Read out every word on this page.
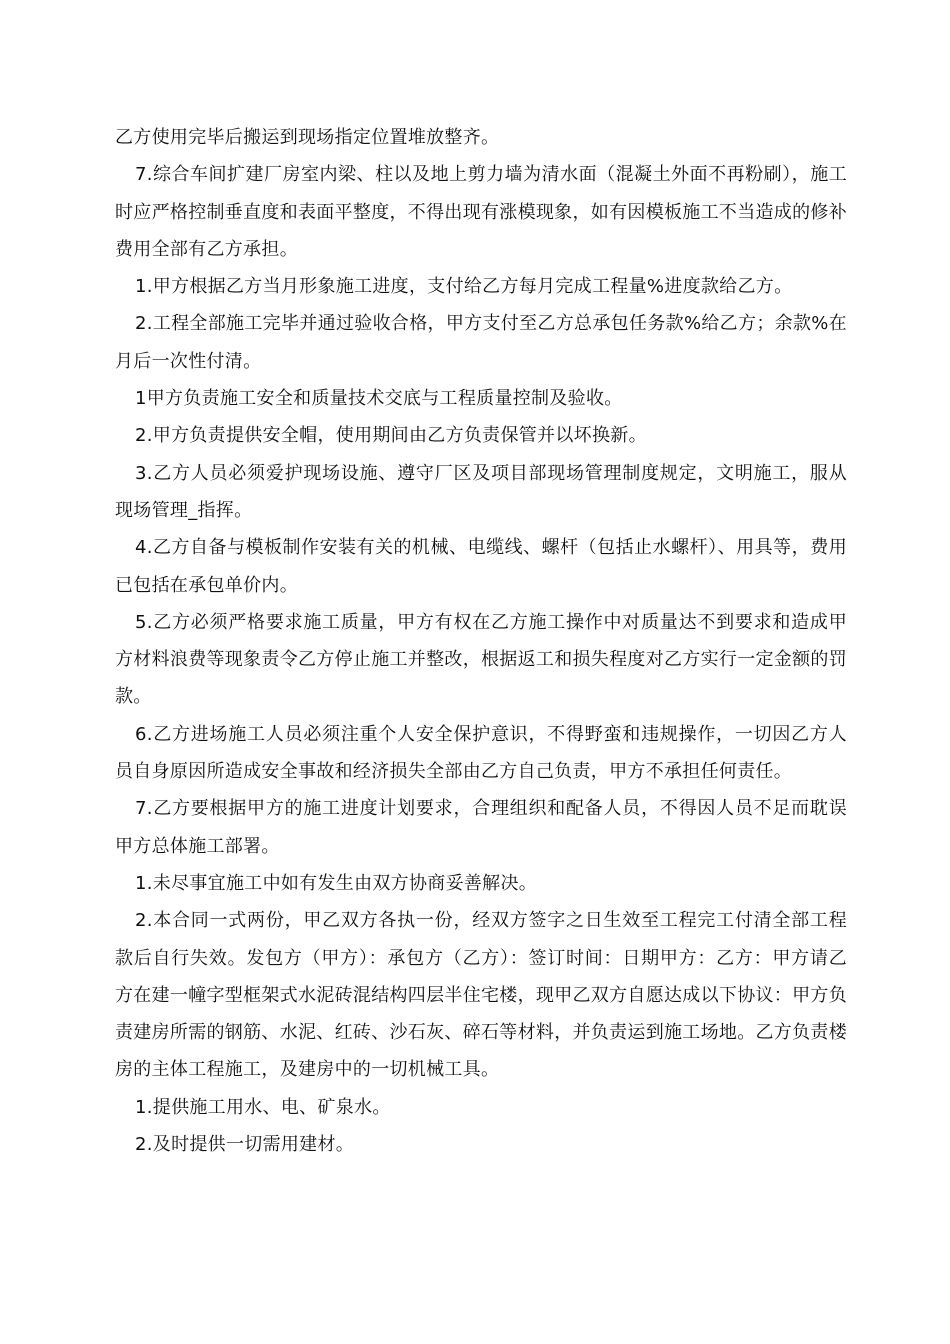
乙方使用完毕后搬运到现场指定位置堆放整齐。

7.综合车间扩建厂房室内梁、柱以及地上剪力墙为清水面（混凝土外面不再粉刷），施工时应严格控制垂直度和表面平整度，不得出现有涨模现象，如有因模板施工不当造成的修补费用全部有乙方承担。

1.甲方根据乙方当月形象施工进度，支付给乙方每月完成工程量%进度款给乙方。

2.工程全部施工完毕并通过验收合格，甲方支付至乙方总承包任务款%给乙方；余款%在月后一次性付清。

1甲方负责施工安全和质量技术交底与工程质量控制及验收。

2.甲方负责提供安全帽，使用期间由乙方负责保管并以坏换新。

3.乙方人员必须爱护现场设施、遵守厂区及项目部现场管理制度规定，文明施工，服从现场管理_指挥。

4.乙方自备与模板制作安装有关的机械、电缆线、螺杆（包括止水螺杆）、用具等，费用已包括在承包单价内。

5.乙方必须严格要求施工质量，甲方有权在乙方施工操作中对质量达不到要求和造成甲方材料浪费等现象责令乙方停止施工并整改，根据返工和损失程度对乙方实行一定金额的罚款。

6.乙方进场施工人员必须注重个人安全保护意识，不得野蛮和违规操作，一切因乙方人员自身原因所造成安全事故和经济损失全部由乙方自己负责，甲方不承担任何责任。

7.乙方要根据甲方的施工进度计划要求，合理组织和配备人员，不得因人员不足而耽误甲方总体施工部署。

1.未尽事宜施工中如有发生由双方协商妥善解决。

2.本合同一式两份，甲乙双方各执一份，经双方签字之日生效至工程完工付清全部工程款后自行失效。发包方（甲方）：承包方（乙方）：签订时间：日期甲方：乙方：甲方请乙方在建一幢字型框架式水泥砖混结构四层半住宅楼，现甲乙双方自愿达成以下协议：甲方负责建房所需的钢筋、水泥、红砖、沙石灰、碎石等材料，并负责运到施工场地。乙方负责楼房的主体工程施工，及建房中的一切机械工具。

1.提供施工用水、电、矿泉水。

2.及时提供一切需用建材。
